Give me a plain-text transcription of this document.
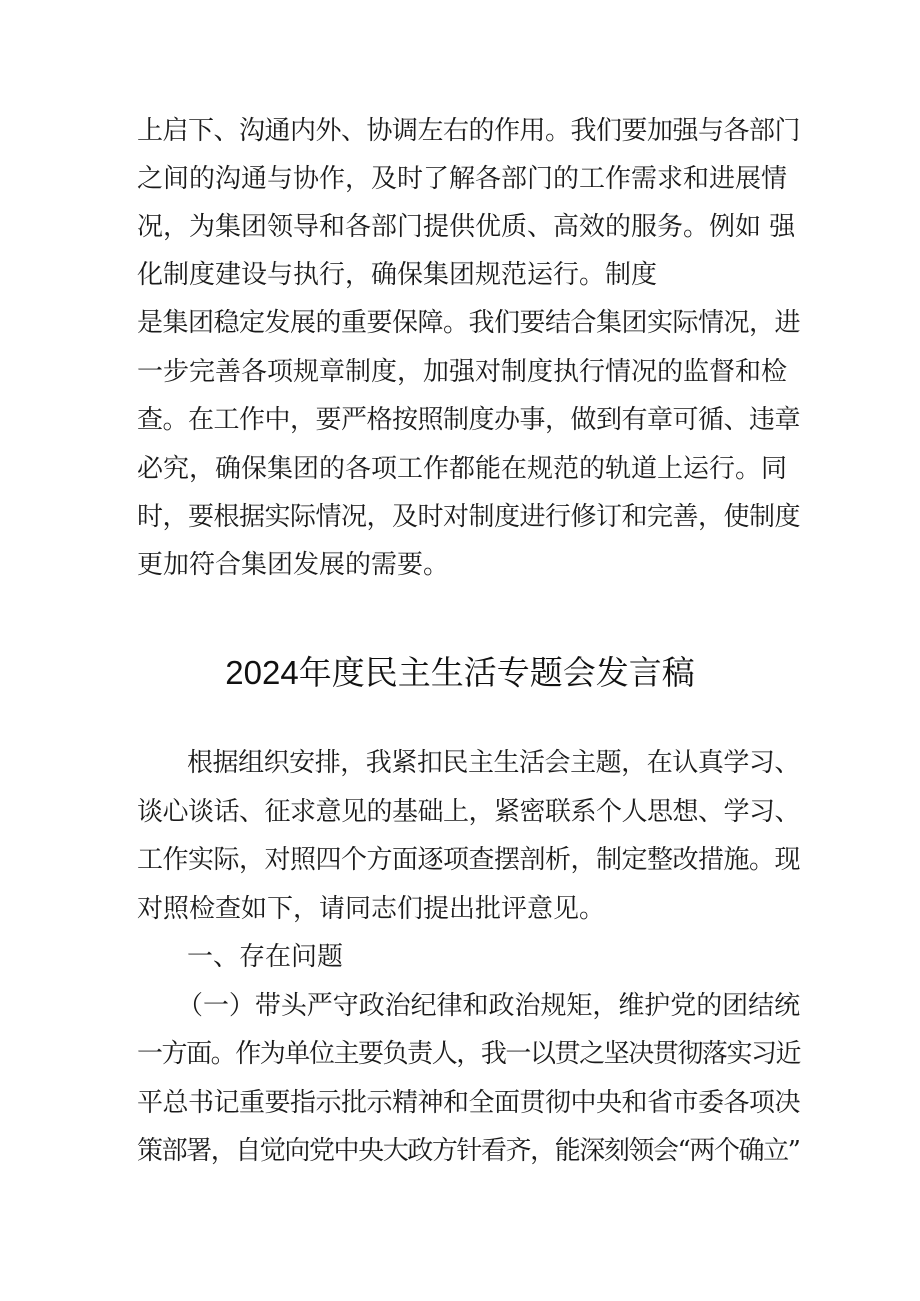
上启下、沟通内外、协调左右的作用。我们要加强与各部门
之间的沟通与协作，及时了解各部门的工作需求和进展情
况，为集团领导和各部门提供优质、高效的服务。例如 强
化制度建设与执行，确保集团规范运行。制度
是集团稳定发展的重要保障。我们要结合集团实际情况，进
一步完善各项规章制度，加强对制度执行情况的监督和检
查。在工作中，要严格按照制度办事，做到有章可循、违章
必究，确保集团的各项工作都能在规范的轨道上运行。同
时，要根据实际情况，及时对制度进行修订和完善，使制度
更加符合集团发展的需要。
2024年度民主生活专题会发言稿
根据组织安排，我紧扣民主生活会主题，在认真学习、
谈心谈话、征求意见的基础上，紧密联系个人思想、学习、
工作实际，对照四个方面逐项查摆剖析，制定整改措施。现
对照检查如下，请同志们提出批评意见。
一、存在问题
（一）带头严守政治纪律和政治规矩，维护党的团结统
一方面。作为单位主要负责人，我一以贯之坚决贯彻落实习近
平总书记重要指示批示精神和全面贯彻中央和省市委各项决
策部署，自觉向党中央大政方针看齐，能深刻领会“两个确立”
